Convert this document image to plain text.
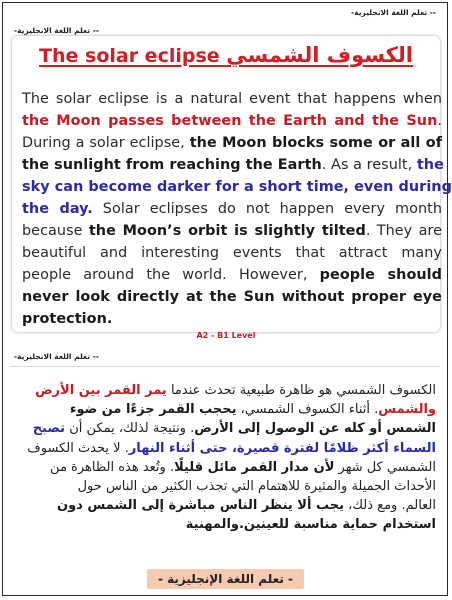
-تعلم اللغة الانجليزية --
-تعلم اللغة الانجليزية --
The solar eclipse الكسوف الشمسي
The solar eclipse is a natural event that happens when
the Moon passes between the Earth and the Sun.
During a solar eclipse, the Moon blocks some or all of
the sunlight from reaching the Earth. As a result, the
sky can become darker for a short time, even during
the day. Solar eclipses do not happen every month
because the Moon’s orbit is slightly tilted. They are
beautiful and interesting events that attract many
people around the world. However, people should
never look directly at the Sun without proper eye
protection.
A2 - B1 Level
-تعلم اللغة الانجليزية --
الكسوف الشمسي هو ظاهرة طبيعية تحدث عندما يمر القمر بين الأرض
والشمس. أثناء الكسوف الشمسي، يحجب القمر جزءًا من ضوء
الشمس أو كله عن الوصول إلى الأرض. ونتيجة لذلك، يمكن أن تصبح
السماء أكثر ظلامًا لفترة قصيرة، حتى أثناء النهار. لا يحدث الكسوف
الشمسي كل شهر لأن مدار القمر مائل قليلًا. وتُعد هذه الظاهرة من
الأحداث الجميلة والمثيرة للاهتمام التي تجذب الكثير من الناس حول
العالم. ومع ذلك، يجب ألا ينظر الناس مباشرة إلى الشمس دون
استخدام حماية مناسبة للعينين.والمهنية
- تعلم اللغة الإنجليزية -
